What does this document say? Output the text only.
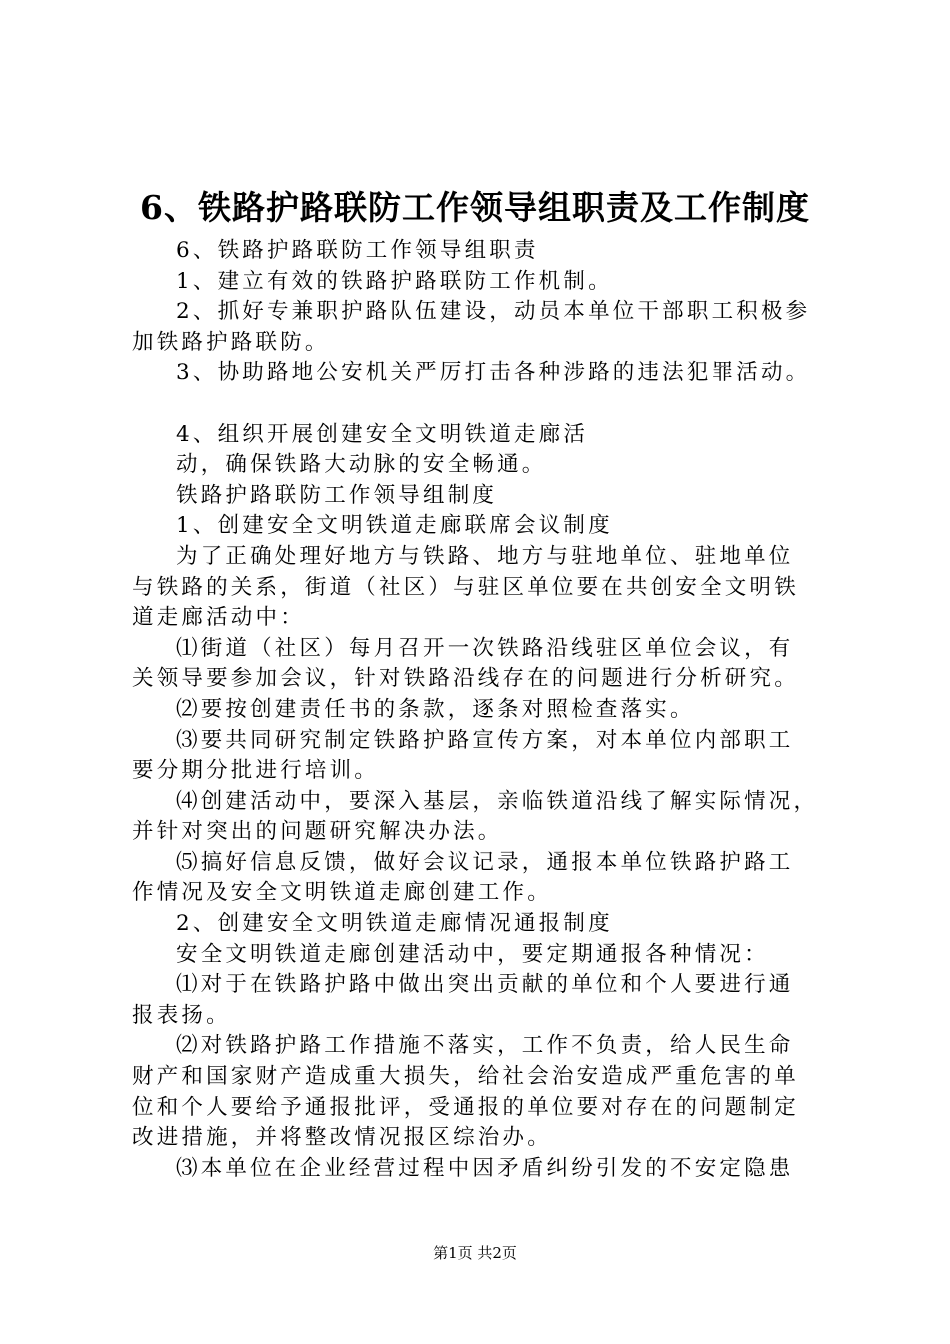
6、铁路护路联防工作领导组职责及工作制度
6、铁路护路联防工作领导组职责
1、建立有效的铁路护路联防工作机制。
2、抓好专兼职护路队伍建设，动员本单位干部职工积极参
加铁路护路联防。
3、协助路地公安机关严厉打击各种涉路的违法犯罪活动。
4、组织开展创建安全文明铁道走廊活
动，确保铁路大动脉的安全畅通。
铁路护路联防工作领导组制度
1、创建安全文明铁道走廊联席会议制度
为了正确处理好地方与铁路、地方与驻地单位、驻地单位
与铁路的关系，街道（社区）与驻区单位要在共创安全文明铁
道走廊活动中：
⑴街道（社区）每月召开一次铁路沿线驻区单位会议，有
关领导要参加会议，针对铁路沿线存在的问题进行分析研究。
⑵要按创建责任书的条款，逐条对照检查落实。
⑶要共同研究制定铁路护路宣传方案，对本单位内部职工
要分期分批进行培训。
⑷创建活动中，要深入基层，亲临铁道沿线了解实际情况，
并针对突出的问题研究解决办法。
⑸搞好信息反馈，做好会议记录，通报本单位铁路护路工
作情况及安全文明铁道走廊创建工作。
2、创建安全文明铁道走廊情况通报制度
安全文明铁道走廊创建活动中，要定期通报各种情况：
⑴对于在铁路护路中做出突出贡献的单位和个人要进行通
报表扬。
⑵对铁路护路工作措施不落实，工作不负责，给人民生命
财产和国家财产造成重大损失，给社会治安造成严重危害的单
位和个人要给予通报批评，受通报的单位要对存在的问题制定
改进措施，并将整改情况报区综治办。
⑶本单位在企业经营过程中因矛盾纠纷引发的不安定隐患
第1页 共2页
